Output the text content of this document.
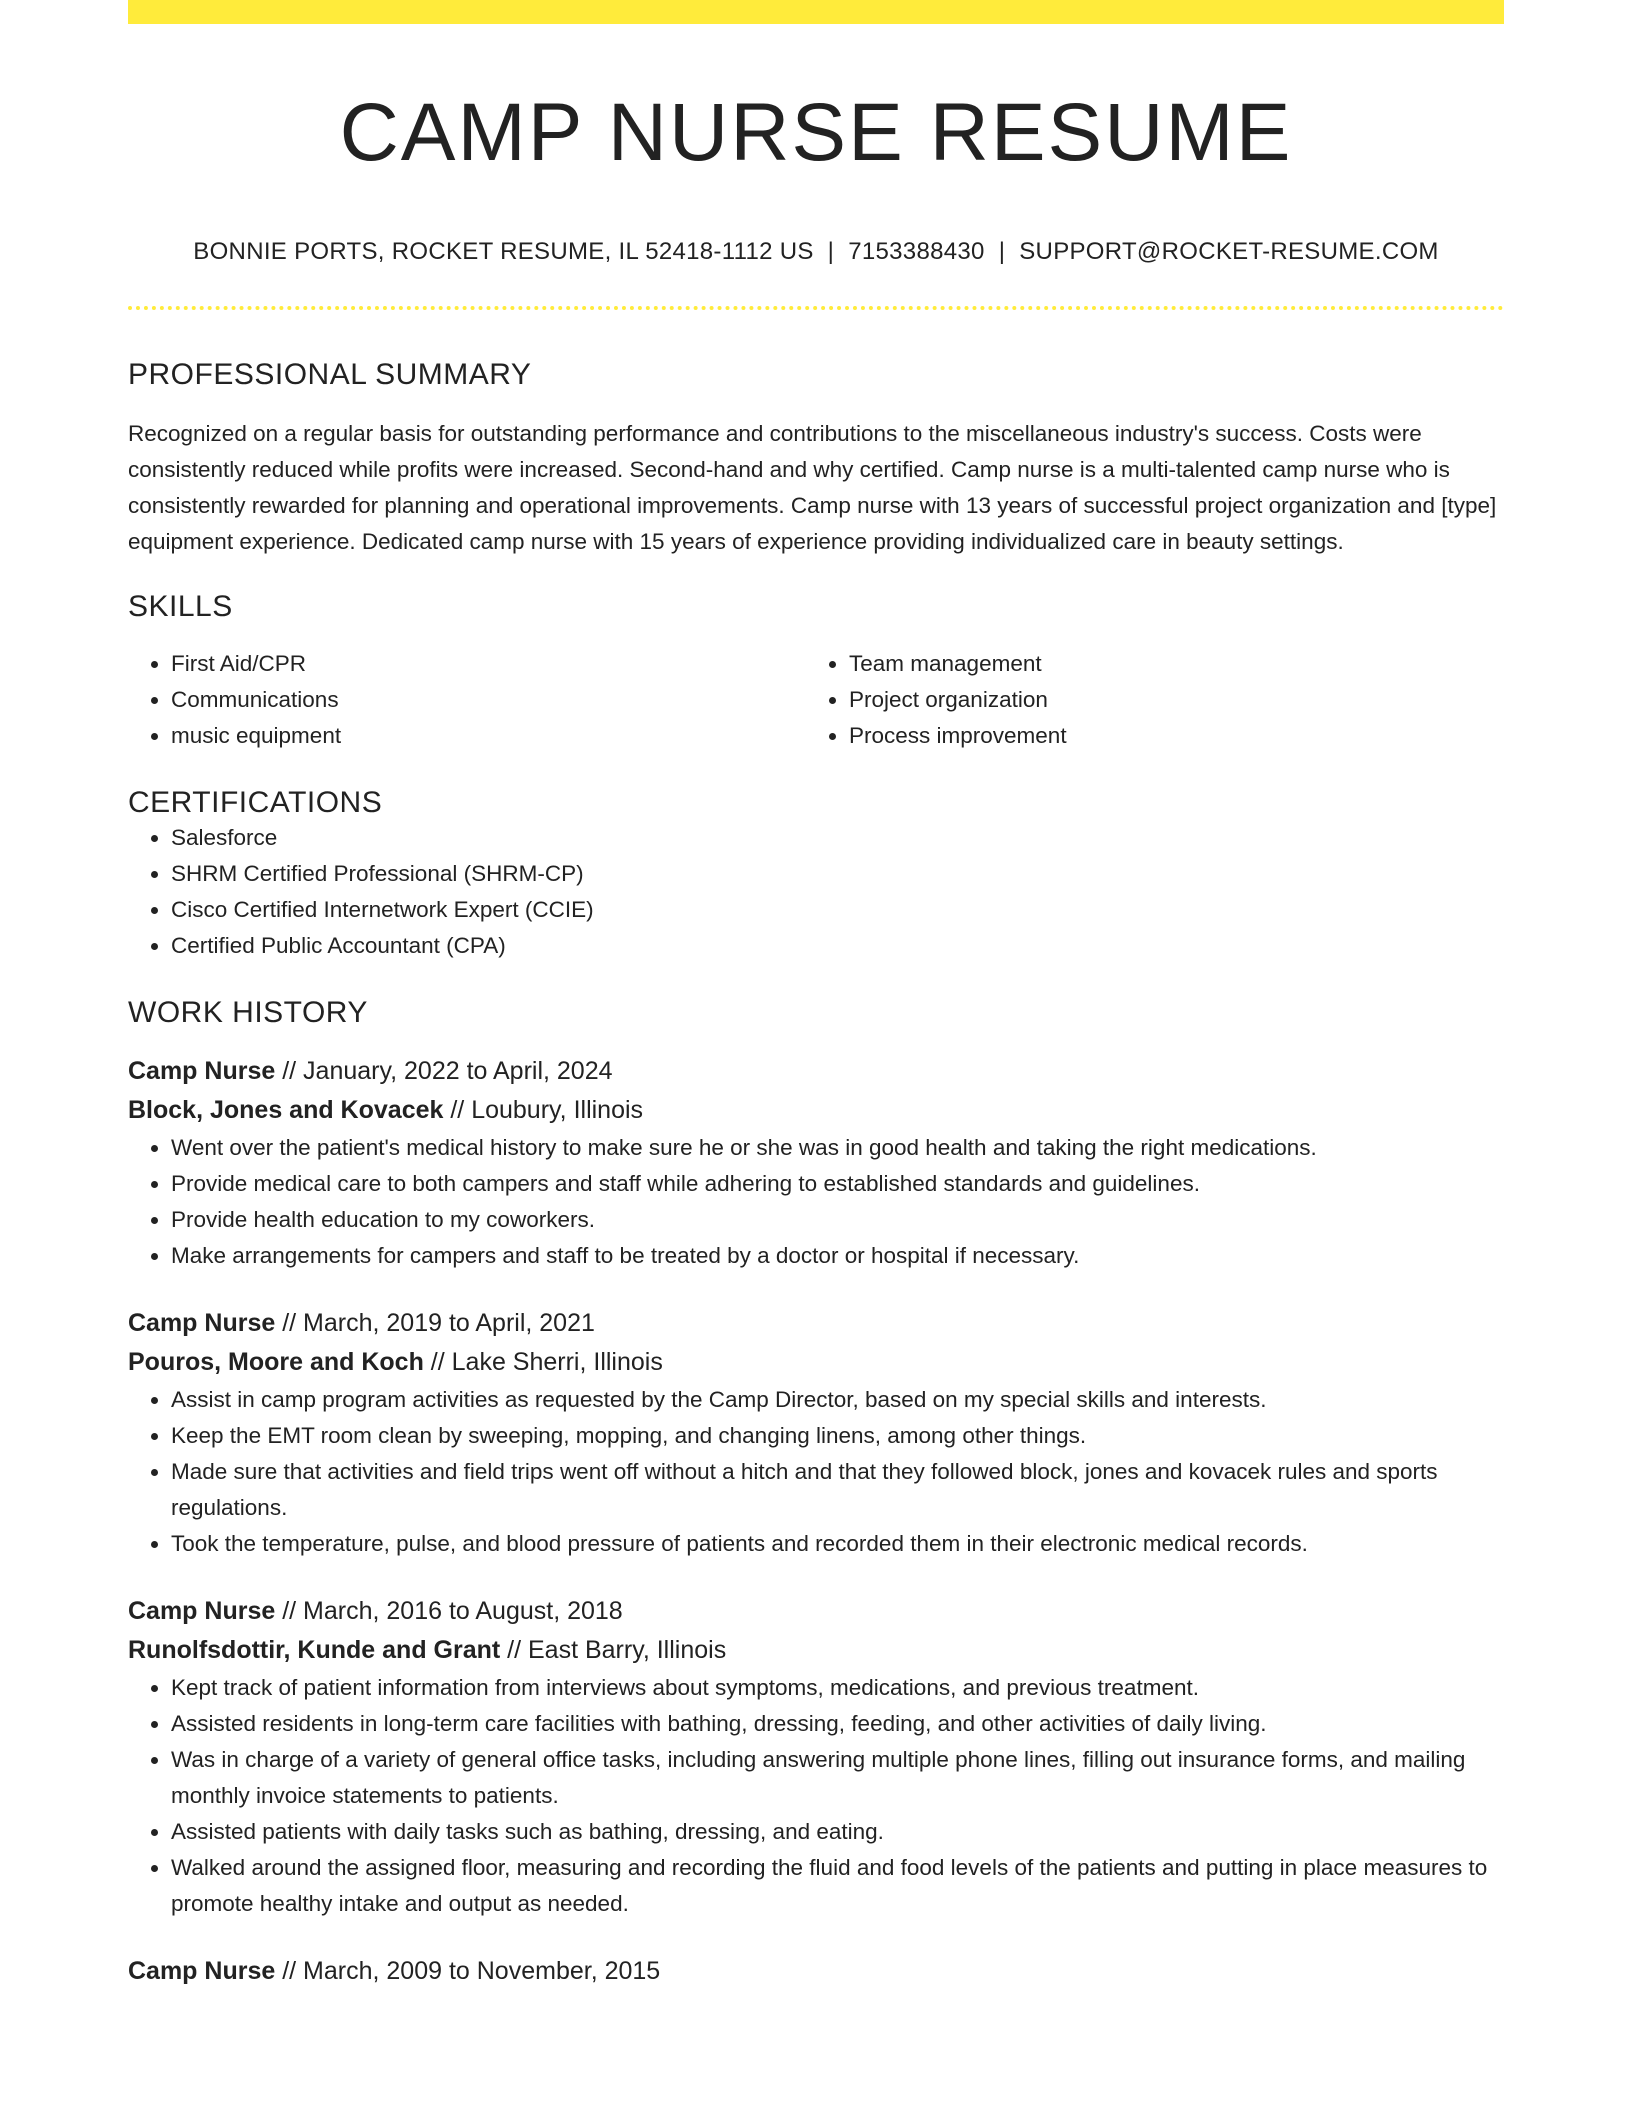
CAMP NURSE RESUME
BONNIE PORTS, ROCKET RESUME, IL 52418-1112 US | 7153388430 | SUPPORT@ROCKET-RESUME.COM
PROFESSIONAL SUMMARY
Recognized on a regular basis for outstanding performance and contributions to the miscellaneous industry's success. Costs were consistently reduced while profits were increased. Second-hand and why certified. Camp nurse is a multi-talented camp nurse who is consistently rewarded for planning and operational improvements. Camp nurse with 13 years of successful project organization and [type] equipment experience. Dedicated camp nurse with 15 years of experience providing individualized care in beauty settings.
SKILLS
• First Aid/CPR
• Communications
• music equipment
• Team management
• Project organization
• Process improvement
CERTIFICATIONS
• Salesforce
• SHRM Certified Professional (SHRM-CP)
• Cisco Certified Internetwork Expert (CCIE)
• Certified Public Accountant (CPA)
WORK HISTORY
Camp Nurse // January, 2022 to April, 2024
Block, Jones and Kovacek // Loubury, Illinois
• Went over the patient's medical history to make sure he or she was in good health and taking the right medications.
• Provide medical care to both campers and staff while adhering to established standards and guidelines.
• Provide health education to my coworkers.
• Make arrangements for campers and staff to be treated by a doctor or hospital if necessary.
Camp Nurse // March, 2019 to April, 2021
Pouros, Moore and Koch // Lake Sherri, Illinois
• Assist in camp program activities as requested by the Camp Director, based on my special skills and interests.
• Keep the EMT room clean by sweeping, mopping, and changing linens, among other things.
• Made sure that activities and field trips went off without a hitch and that they followed block, jones and kovacek rules and sports regulations.
• Took the temperature, pulse, and blood pressure of patients and recorded them in their electronic medical records.
Camp Nurse // March, 2016 to August, 2018
Runolfsdottir, Kunde and Grant // East Barry, Illinois
• Kept track of patient information from interviews about symptoms, medications, and previous treatment.
• Assisted residents in long-term care facilities with bathing, dressing, feeding, and other activities of daily living.
• Was in charge of a variety of general office tasks, including answering multiple phone lines, filling out insurance forms, and mailing monthly invoice statements to patients.
• Assisted patients with daily tasks such as bathing, dressing, and eating.
• Walked around the assigned floor, measuring and recording the fluid and food levels of the patients and putting in place measures to promote healthy intake and output as needed.
Camp Nurse // March, 2009 to November, 2015
